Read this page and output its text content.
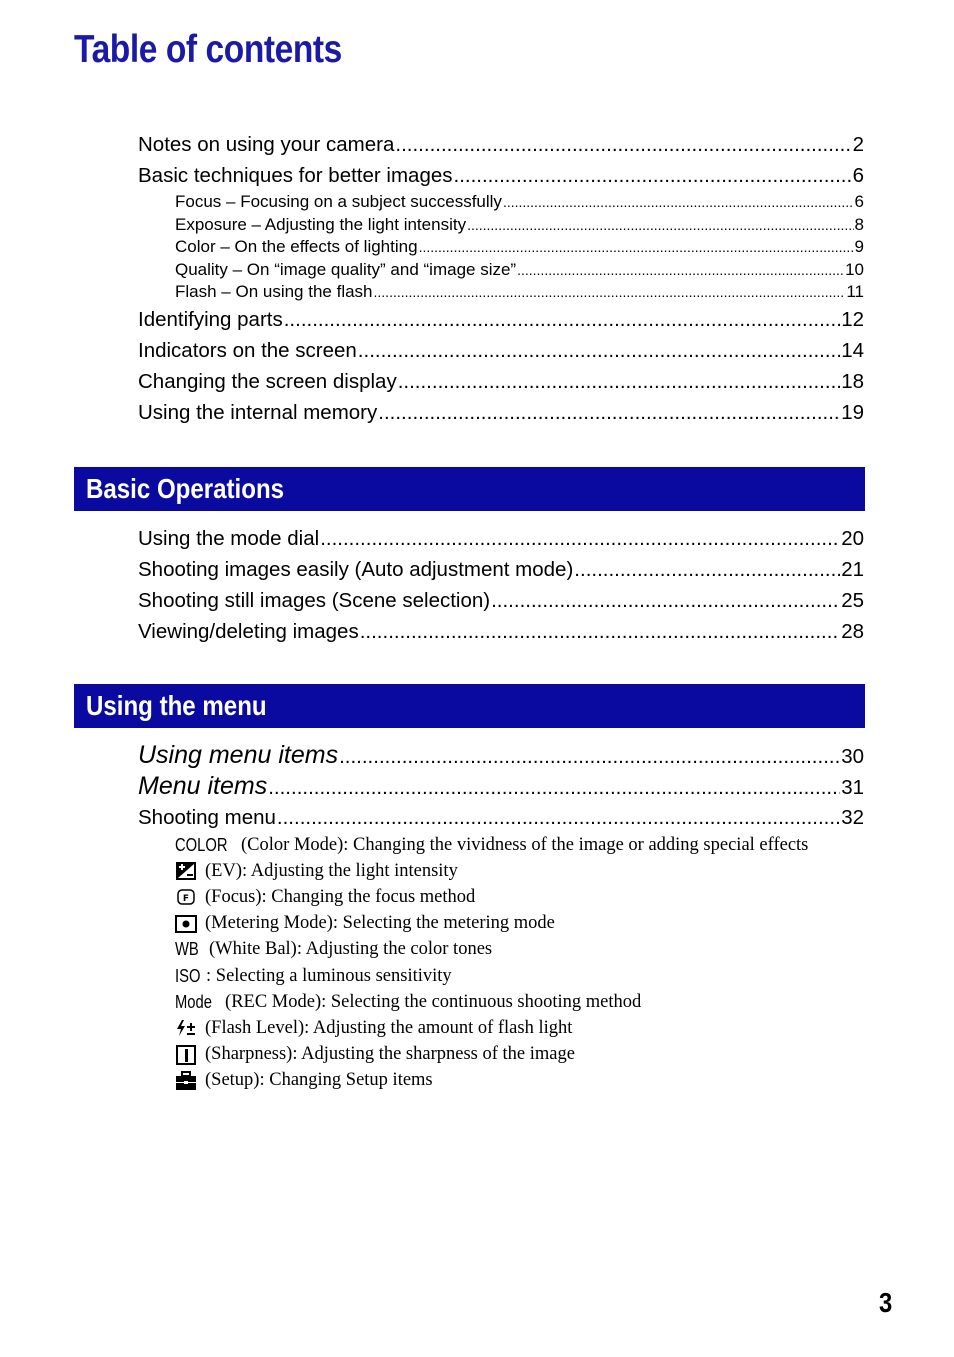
Table of contents
Notes on using your camera .....	2
Basic techniques for better images .....	6
Focus – Focusing on a subject successfully .....	6
Exposure – Adjusting the light intensity .....	8
Color – On the effects of lighting .....	9
Quality – On “image quality” and “image size” .....	10
Flash – On using the flash .....	11
Identifying parts .....	12
Indicators on the screen .....	14
Changing the screen display .....	18
Using the internal memory .....	19
Basic Operations
Using the mode dial .....	20
Shooting images easily (Auto adjustment mode) .....	21
Shooting still images (Scene selection) .....	25
Viewing/deleting images .....	28
Using the menu
Using menu items .....	30
Menu items .....	31
Shooting menu .....	32
COLOR (Color Mode): Changing the vividness of the image or adding special effects
(EV): Adjusting the light intensity
F (Focus): Changing the focus method
(Metering Mode): Selecting the metering mode
WB (White Bal): Adjusting the color tones
ISO : Selecting a luminous sensitivity
Mode (REC Mode): Selecting the continuous shooting method
(Flash Level): Adjusting the amount of flash light
(Sharpness): Adjusting the sharpness of the image
(Setup): Changing Setup items
3
